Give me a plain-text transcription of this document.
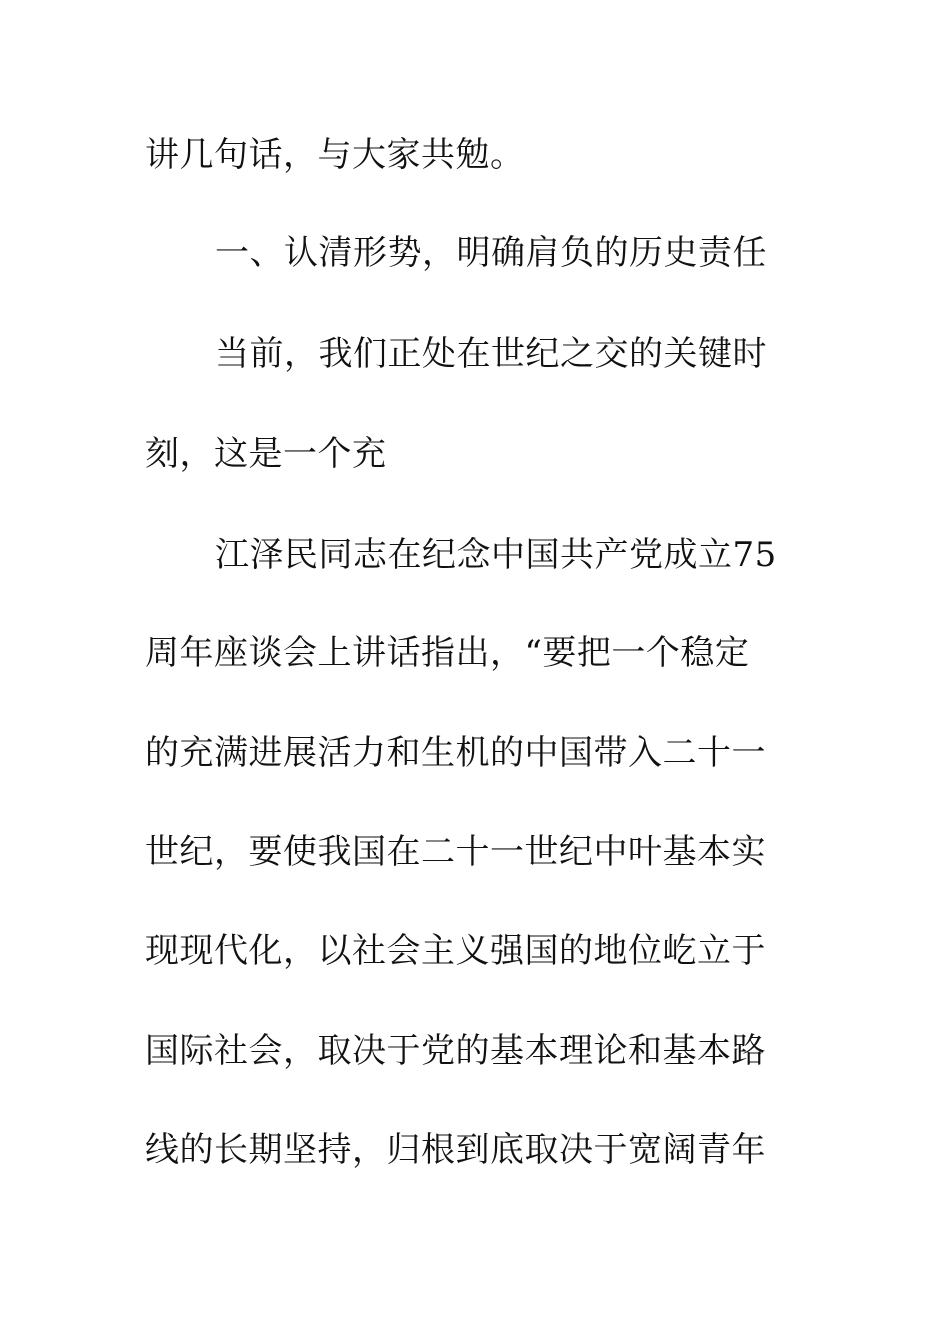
讲几句话，与大家共勉。
一、认清形势，明确肩负的历史责任
当前，我们正处在世纪之交的关键时
刻，这是一个充
江泽民同志在纪念中国共产党成立75
周年座谈会上讲话指出，“要把一个稳定
的充满进展活力和生机的中国带入二十一
世纪，要使我国在二十一世纪中叶基本实
现现代化，以社会主义强国的地位屹立于
国际社会，取决于党的基本理论和基本路
线的长期坚持，归根到底取决于宽阔青年
